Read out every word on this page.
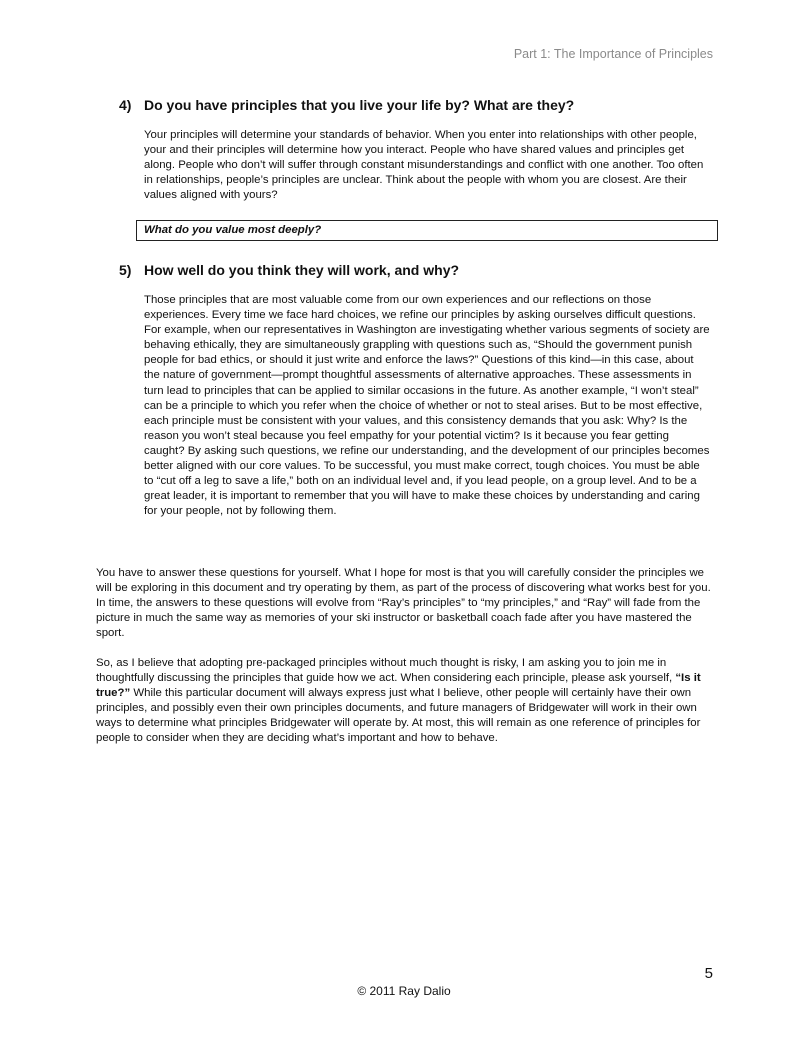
Part 1: The Importance of Principles
4) Do you have principles that you live your life by? What are they?
Your principles will determine your standards of behavior. When you enter into relationships with other people, your and their principles will determine how you interact. People who have shared values and principles get along. People who don’t will suffer through constant misunderstandings and conflict with one another. Too often in relationships, people’s principles are unclear. Think about the people with whom you are closest. Are their values aligned with yours?
What do you value most deeply?
5) How well do you think they will work, and why?
Those principles that are most valuable come from our own experiences and our reflections on those experiences. Every time we face hard choices, we refine our principles by asking ourselves difficult questions. For example, when our representatives in Washington are investigating whether various segments of society are behaving ethically, they are simultaneously grappling with questions such as, “Should the government punish people for bad ethics, or should it just write and enforce the laws?” Questions of this kind—in this case, about the nature of government—prompt thoughtful assessments of alternative approaches. These assessments in turn lead to principles that can be applied to similar occasions in the future. As another example, “I won’t steal” can be a principle to which you refer when the choice of whether or not to steal arises. But to be most effective, each principle must be consistent with your values, and this consistency demands that you ask: Why? Is the reason you won’t steal because you feel empathy for your potential victim? Is it because you fear getting caught? By asking such questions, we refine our understanding, and the development of our principles becomes better aligned with our core values. To be successful, you must make correct, tough choices. You must be able to “cut off a leg to save a life,” both on an individual level and, if you lead people, on a group level. And to be a great leader, it is important to remember that you will have to make these choices by understanding and caring for your people, not by following them.
You have to answer these questions for yourself. What I hope for most is that you will carefully consider the principles we will be exploring in this document and try operating by them, as part of the process of discovering what works best for you. In time, the answers to these questions will evolve from “Ray’s principles” to “my principles,” and “Ray” will fade from the picture in much the same way as memories of your ski instructor or basketball coach fade after you have mastered the sport.
So, as I believe that adopting pre-packaged principles without much thought is risky, I am asking you to join me in thoughtfully discussing the principles that guide how we act. When considering each principle, please ask yourself, “Is it true?” While this particular document will always express just what I believe, other people will certainly have their own principles, and possibly even their own principles documents, and future managers of Bridgewater will work in their own ways to determine what principles Bridgewater will operate by. At most, this will remain as one reference of principles for people to consider when they are deciding what’s important and how to behave.
5
© 2011 Ray Dalio
